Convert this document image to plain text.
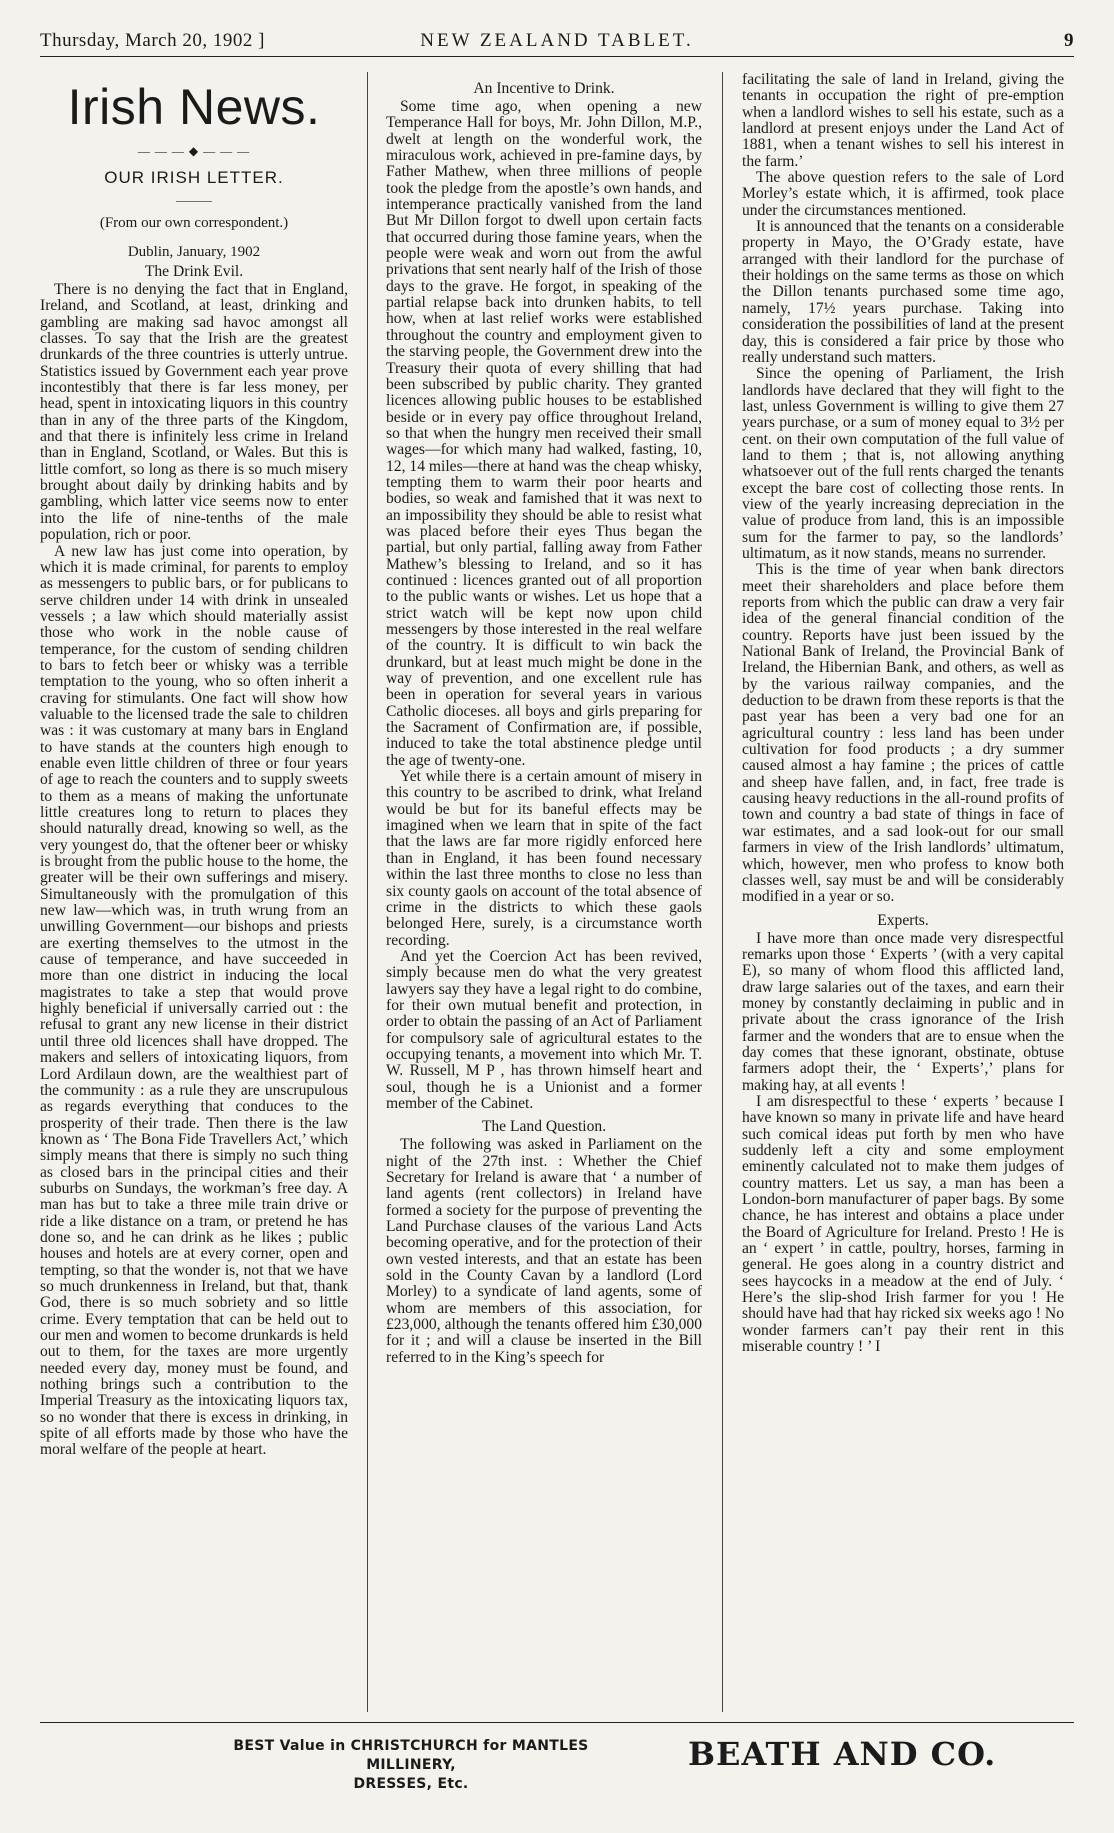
Thursday, March 20, 1902 ]	NEW ZEALAND TABLET.	9
Irish News.
— — — ◆ — — —
OUR IRISH LETTER.
———
(From our own correspondent.)
Dublin, January, 1902
The Drink Evil.

There is no denying the fact that in England, Ireland, and Scotland, at least, drinking and gambling are making sad havoc amongst all classes. To say that the Irish are the greatest drunkards of the three countries is utterly untrue. Statistics issued by Government each year prove incontestibly that there is far less money, per head, spent in intoxicating liquors in this country than in any of the three parts of the Kingdom, and that there is infinitely less crime in Ireland than in England, Scotland, or Wales. But this is little comfort, so long as there is so much misery brought about daily by drinking habits and by gambling, which latter vice seems now to enter into the life of nine-tenths of the male population, rich or poor.

A new law has just come into operation, by which it is made criminal, for parents to employ as messengers to public bars, or for publicans to serve children under 14 with drink in unsealed vessels ; a law which should materially assist those who work in the noble cause of temperance, for the custom of sending children to bars to fetch beer or whisky was a terrible temptation to the young, who so often inherit a craving for stimulants. One fact will show how valuable to the licensed trade the sale to children was : it was customary at many bars in England to have stands at the counters high enough to enable even little children of three or four years of age to reach the counters and to supply sweets to them as a means of making the unfortunate little creatures long to return to places they should naturally dread, knowing so well, as the very youngest do, that the oftener beer or whisky is brought from the public house to the home, the greater will be their own sufferings and misery. Simultaneously with the promulgation of this new law—which was, in truth wrung from an unwilling Government—our bishops and priests are exerting themselves to the utmost in the cause of temperance, and have succeeded in more than one district in inducing the local magistrates to take a step that would prove highly beneficial if universally carried out : the refusal to grant any new license in their district until three old licences shall have dropped. The makers and sellers of intoxicating liquors, from Lord Ardilaun down, are the wealthiest part of the community : as a rule they are unscrupulous as regards everything that conduces to the prosperity of their trade. Then there is the law known as ‘ The Bona Fide Travellers Act,’ which simply means that there is simply no such thing as closed bars in the principal cities and their suburbs on Sundays, the workman’s free day. A man has but to take a three mile train drive or ride a like distance on a tram, or pretend he has done so, and he can drink as he likes ; public houses and hotels are at every corner, open and tempting, so that the wonder is, not that we have so much drunkenness in Ireland, but that, thank God, there is so much sobriety and so little crime. Every temptation that can be held out to our men and women to become drunkards is held out to them, for the taxes are more urgently needed every day, money must be found, and nothing brings such a contribution to the Imperial Treasury as the intoxicating liquors tax, so no wonder that there is excess in drinking, in spite of all efforts made by those who have the moral welfare of the people at heart.

An Incentive to Drink.

Some time ago, when opening a new Temperance Hall for boys, Mr. John Dillon, M.P., dwelt at length on the wonderful work, the miraculous work, achieved in pre-famine days, by Father Mathew, when three millions of people took the pledge from the apostle’s own hands, and intemperance practically vanished from the land But Mr Dillon forgot to dwell upon certain facts that occurred during those famine years, when the people were weak and worn out from the awful privations that sent nearly half of the Irish of those days to the grave. He forgot, in speaking of the partial relapse back into drunken habits, to tell how, when at last relief works were established throughout the country and employment given to the starving people, the Government drew into the Treasury their quota of every shilling that had been subscribed by public charity. They granted licences allowing public houses to be established beside or in every pay office throughout Ireland, so that when the hungry men received their small wages—for which many had walked, fasting, 10, 12, 14 miles—there at hand was the cheap whisky, tempting them to warm their poor hearts and bodies, so weak and famished that it was next to an impossibility they should be able to resist what was placed before their eyes Thus began the partial, but only partial, falling away from Father Mathew’s blessing to Ireland, and so it has continued : licences granted out of all proportion to the public wants or wishes. Let us hope that a strict watch will be kept now upon child messengers by those interested in the real welfare of the country. It is difficult to win back the drunkard, but at least much might be done in the way of prevention, and one excellent rule has been in operation for several years in various Catholic dioceses. all boys and girls preparing for the Sacrament of Confirmation are, if possible, induced to take the total abstinence pledge until the age of twenty-one.

Yet while there is a certain amount of misery in this country to be ascribed to drink, what Ireland would be but for its baneful effects may be imagined when we learn that in spite of the fact that the laws are far more rigidly enforced here than in England, it has been found necessary within the last three months to close no less than six county gaols on account of the total absence of crime in the districts to which these gaols belonged Here, surely, is a circumstance worth recording.

And yet the Coercion Act has been revived, simply because men do what the very greatest lawyers say they have a legal right to do combine, for their own mutual benefit and protection, in order to obtain the passing of an Act of Parliament for compulsory sale of agricultural estates to the occupying tenants, a movement into which Mr. T. W. Russell, M P , has thrown himself heart and soul, though he is a Unionist and a former member of the Cabinet.

The Land Question.

The following was asked in Parliament on the night of the 27th inst. : Whether the Chief Secretary for Ireland is aware that ‘ a number of land agents (rent collectors) in Ireland have formed a society for the purpose of preventing the Land Purchase clauses of the various Land Acts becoming operative, and for the protection of their own vested interests, and that an estate has been sold in the County Cavan by a landlord (Lord Morley) to a syndicate of land agents, some of whom are members of this association, for £23,000, although the tenants offered him £30,000 for it ; and will a clause be inserted in the Bill referred to in the King’s speech for

facilitating the sale of land in Ireland, giving the tenants in occupation the right of pre-emption when a landlord wishes to sell his estate, such as a landlord at present enjoys under the Land Act of 1881, when a tenant wishes to sell his interest in the farm.’

The above question refers to the sale of Lord Morley’s estate which, it is affirmed, took place under the circumstances mentioned.

It is announced that the tenants on a considerable property in Mayo, the O’Grady estate, have arranged with their landlord for the purchase of their holdings on the same terms as those on which the Dillon tenants purchased some time ago, namely, 17½ years purchase. Taking into consideration the possibilities of land at the present day, this is considered a fair price by those who really understand such matters.

Since the opening of Parliament, the Irish landlords have declared that they will fight to the last, unless Government is willing to give them 27 years purchase, or a sum of money equal to 3½ per cent. on their own computation of the full value of land to them ; that is, not allowing anything whatsoever out of the full rents charged the tenants except the bare cost of collecting those rents. In view of the yearly increasing depreciation in the value of produce from land, this is an impossible sum for the farmer to pay, so the landlords’ ultimatum, as it now stands, means no surrender.

This is the time of year when bank directors meet their shareholders and place before them reports from which the public can draw a very fair idea of the general financial condition of the country. Reports have just been issued by the National Bank of Ireland, the Provincial Bank of Ireland, the Hibernian Bank, and others, as well as by the various railway companies, and the deduction to be drawn from these reports is that the past year has been a very bad one for an agricultural country : less land has been under cultivation for food products ; a dry summer caused almost a hay famine ; the prices of cattle and sheep have fallen, and, in fact, free trade is causing heavy reductions in the all-round profits of town and country a bad state of things in face of war estimates, and a sad look-out for our small farmers in view of the Irish landlords’ ultimatum, which, however, men who profess to know both classes well, say must be and will be considerably modified in a year or so.

Experts.

I have more than once made very disrespectful remarks upon those ‘ Experts ’ (with a very capital E), so many of whom flood this afflicted land, draw large salaries out of the taxes, and earn their money by constantly declaiming in public and in private about the crass ignorance of the Irish farmer and the wonders that are to ensue when the day comes that these ignorant, obstinate, obtuse farmers adopt their, the ‘ Experts’,’ plans for making hay, at all events !

I am disrespectful to these ‘ experts ’ because I have known so many in private life and have heard such comical ideas put forth by men who have suddenly left a city and some employment eminently calculated not to make them judges of country matters. Let us say, a man has been a London-born manufacturer of paper bags. By some chance, he has interest and obtains a place under the Board of Agriculture for Ireland. Presto ! He is an ‘ expert ’ in cattle, poultry, horses, farming in general. He goes along in a country district and sees haycocks in a meadow at the end of July. ‘ Here’s the slip-shod Irish farmer for you ! He should have had that hay ricked six weeks ago ! No wonder farmers can’t pay their rent in this miserable country ! ’ I

BEST Value in CHRISTCHURCH for MANTLES MILLINERY,
DRESSES, Etc.
BEATH AND CO.
